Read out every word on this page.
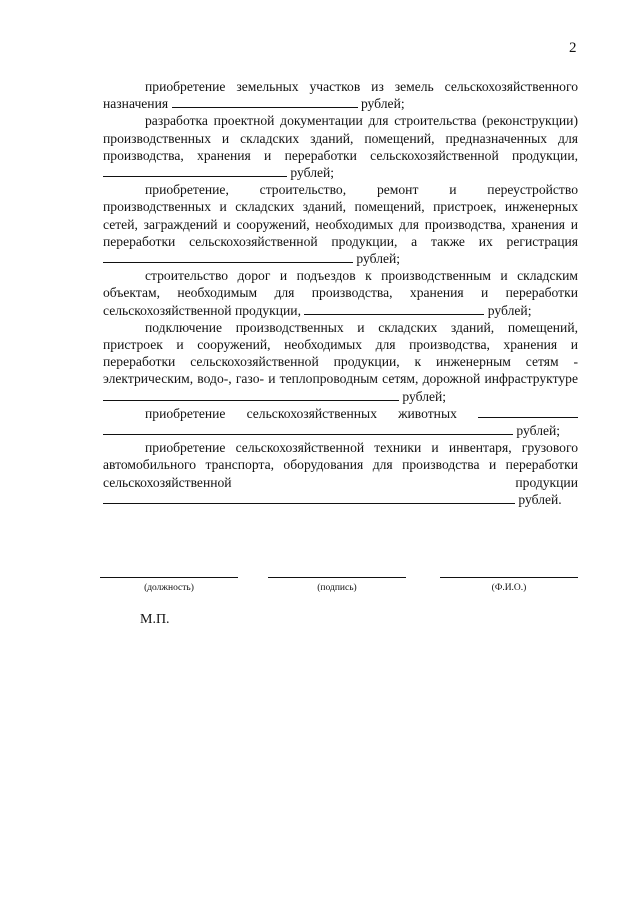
2

приобретение земельных участков из земель сельскохозяйственного назначения	рублей;

разработка проектной документации для строительства (реконструкции) производственных и складских зданий, помещений, предназначенных для производства, хранения и переработки сельскохозяйственной продукции,  рублей;

приобретение, строительство, ремонт и переустройство производственных и складских зданий, помещений, пристроек, инженерных сетей, заграждений и сооружений, необходимых для производства, хранения и переработки сельскохозяйственной продукции, а также их регистрация  рублей;

строительство дорог и подъездов к производственным и складским объектам, необходимым для производства, хранения и переработки сельскохозяйственной продукции,	рублей;

подключение производственных и складских зданий, помещений, пристроек и сооружений, необходимых для производства, хранения и переработки сельскохозяйственной продукции, к инженерным сетям - электрическим, водо-, газо- и теплопроводным сетям, дорожной инфраструктуре  рублей;

приобретение сельскохозяйственных животных   рублей;

приобретение сельскохозяйственной техники и инвентаря, грузового автомобильного транспорта, оборудования для производства и переработки сельскохозяйственной продукции  рублей.

(должность)	(подпись)	(Ф.И.О.)
М.П.
